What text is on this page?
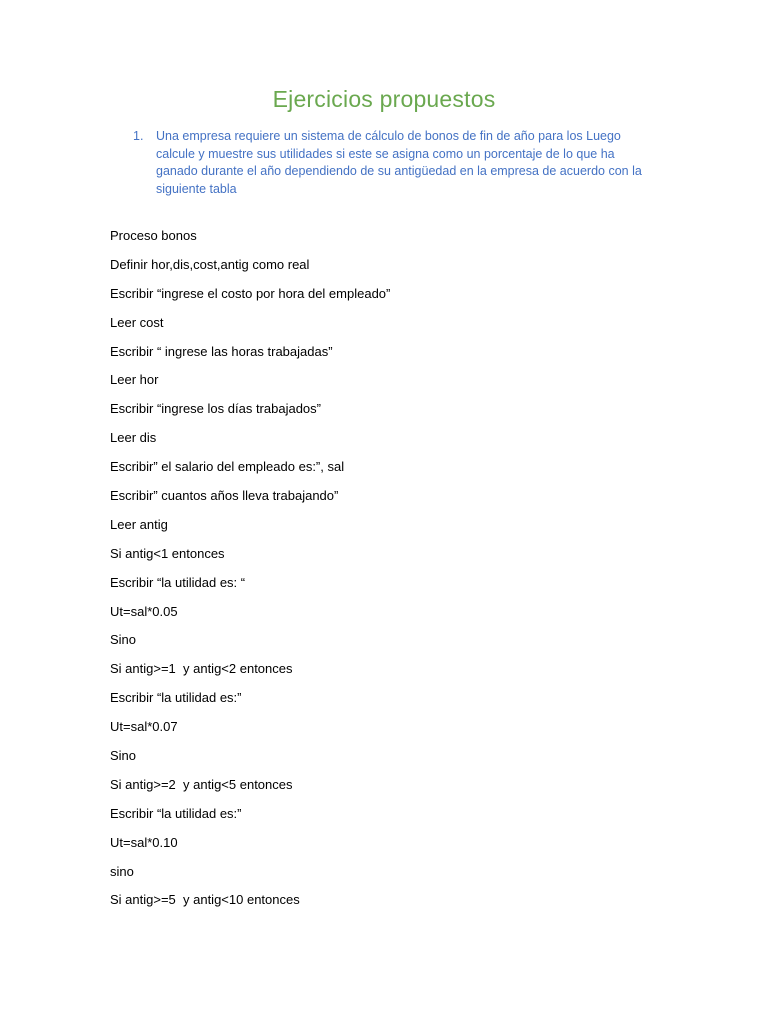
Ejercicios propuestos
1. Una empresa requiere un sistema de cálculo de bonos de fin de año para los Luego calcule y muestre sus utilidades si este se asigna como un porcentaje de lo que ha ganado durante el año dependiendo de su antigüedad en la empresa de acuerdo con la siguiente tabla
Proceso bonos
Definir hor,dis,cost,antig como real
Escribir “ingrese el costo por hora del empleado”
Leer cost
Escribir “ ingrese las horas trabajadas”
Leer hor
Escribir “ingrese los días trabajados”
Leer dis
Escribir” el salario del empleado es:”, sal
Escribir” cuantos años lleva trabajando”
Leer antig
Si antig<1 entonces
Escribir “la utilidad es: “
Ut=sal*0.05
Sino
Si antig>=1  y antig<2 entonces
Escribir “la utilidad es:”
Ut=sal*0.07
Sino
Si antig>=2  y antig<5 entonces
Escribir “la utilidad es:”
Ut=sal*0.10
sino
Si antig>=5  y antig<10 entonces
